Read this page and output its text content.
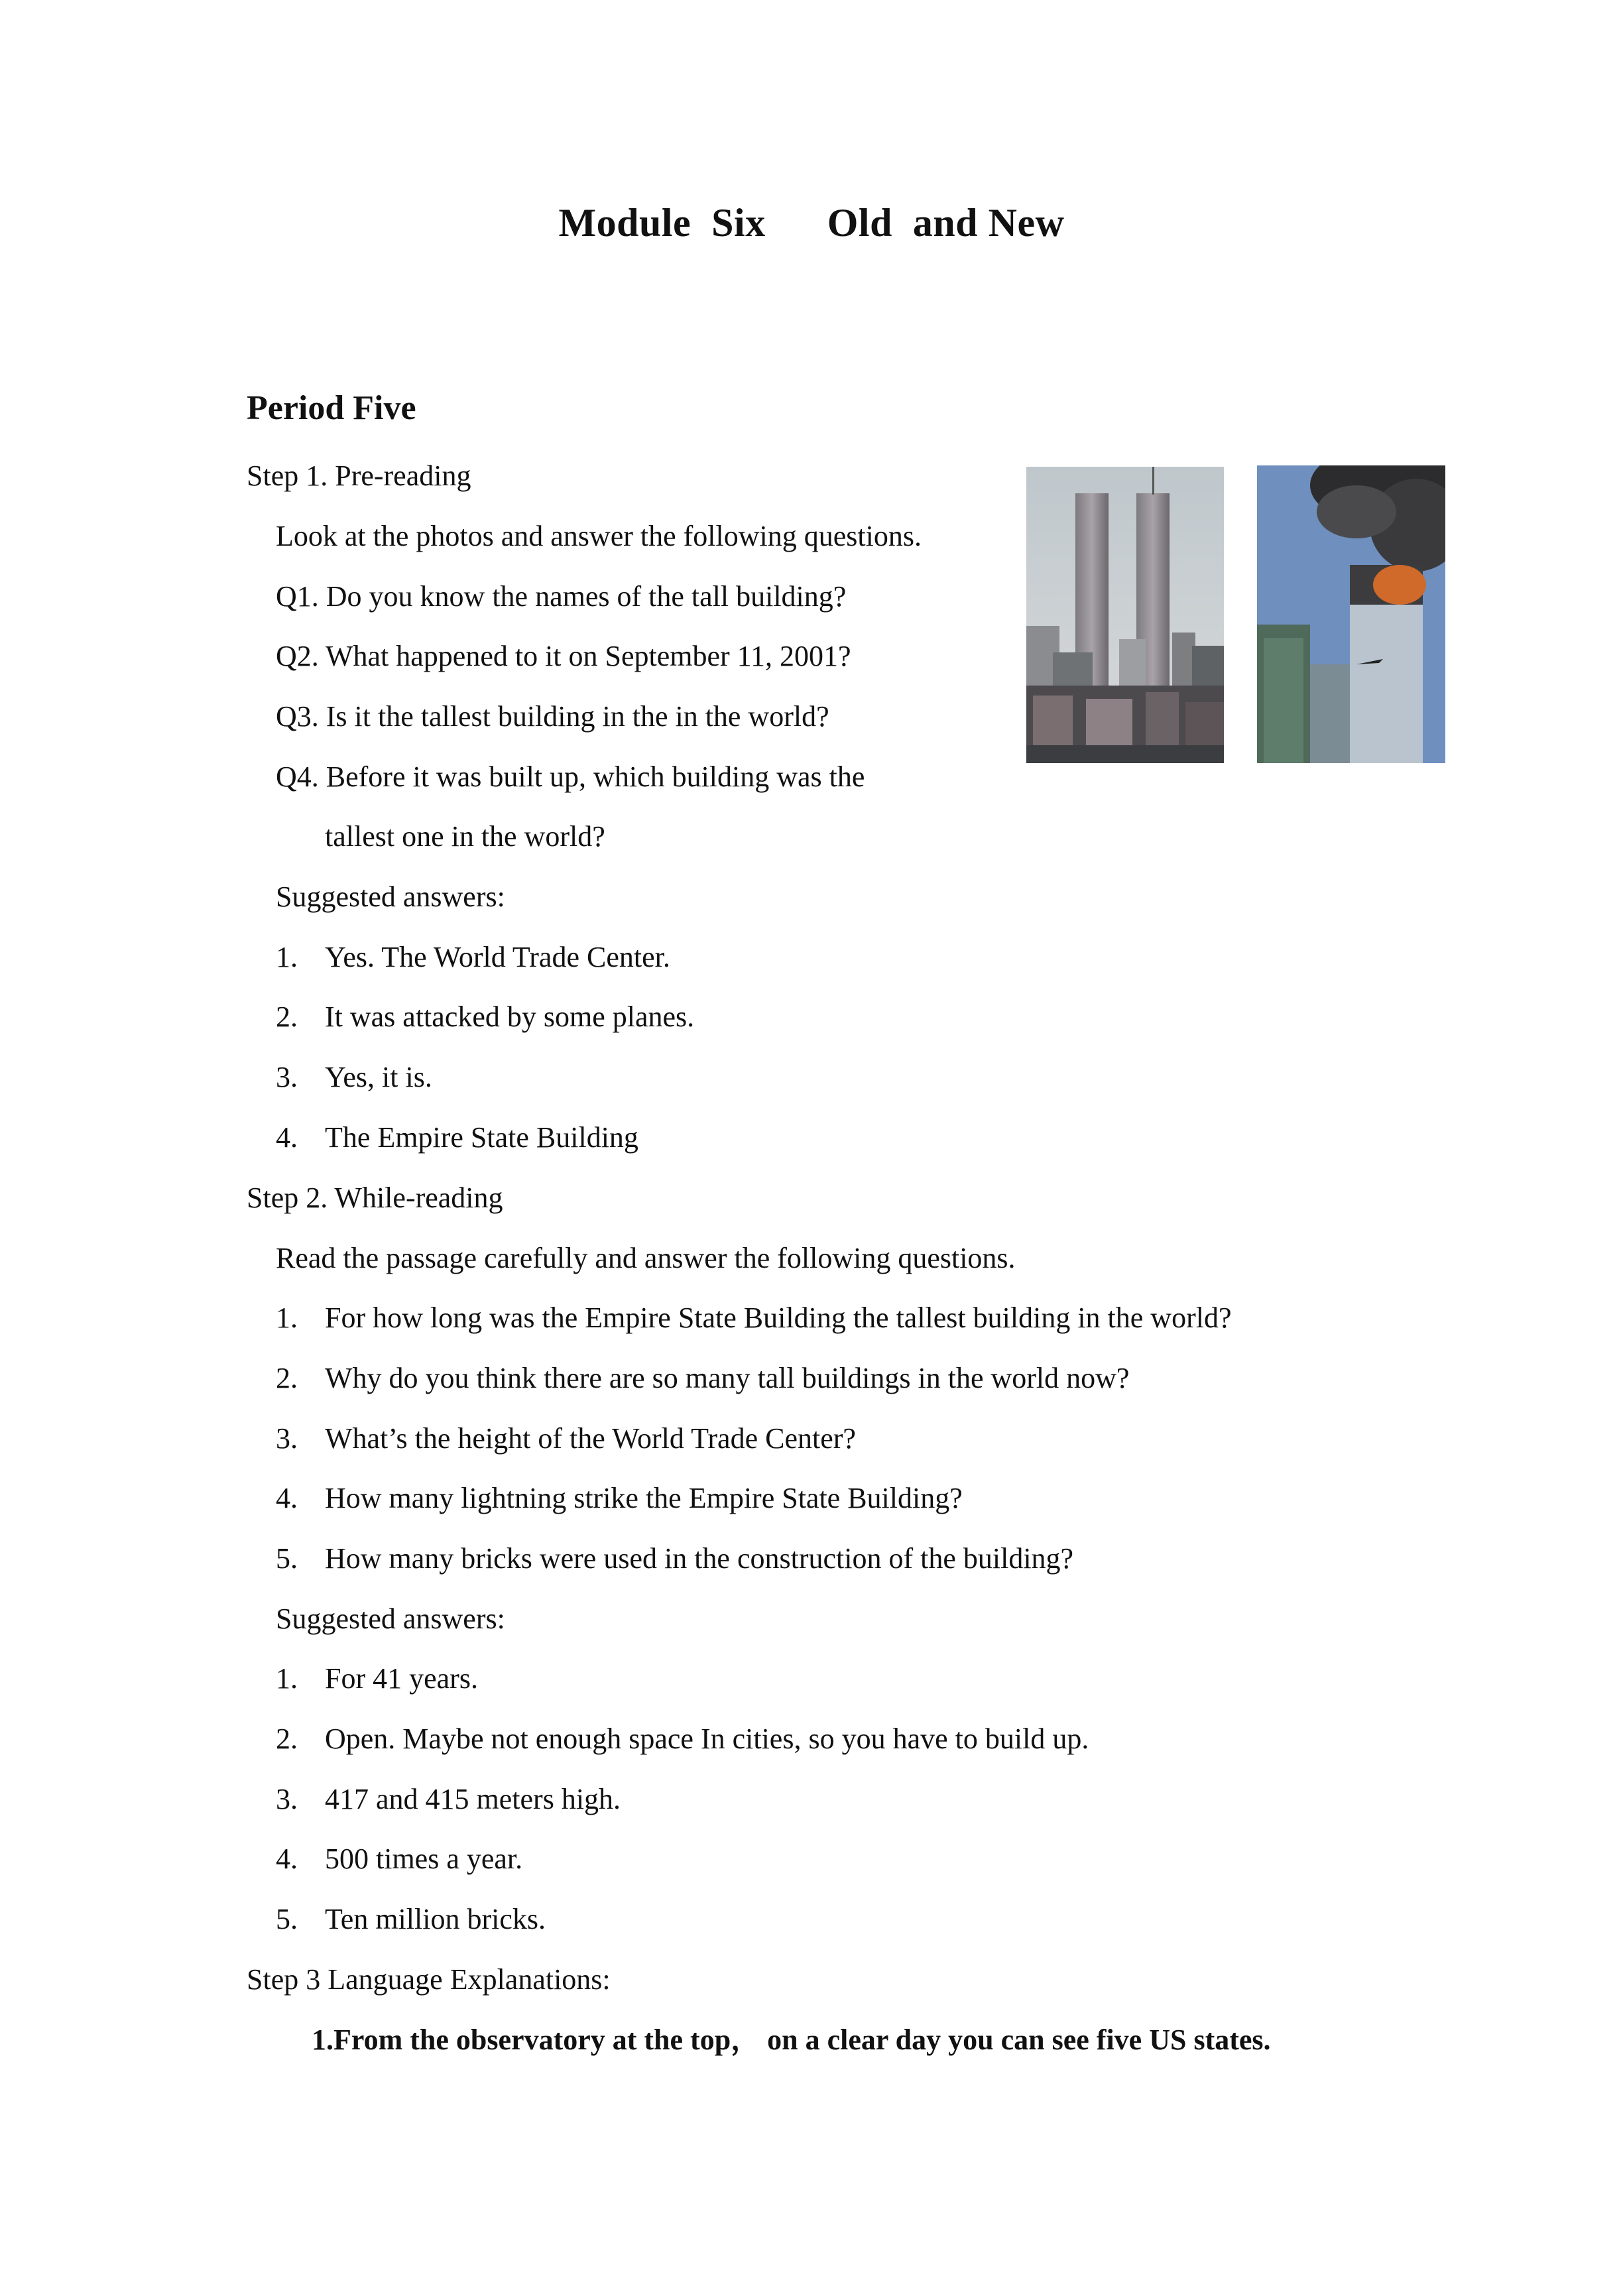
Module  Six      Old  and New
Period Five
Step 1. Pre-reading
Look at the photos and answer the following questions.
Q1. Do you know the names of the tall building?
Q2. What happened to it on September 11, 2001?
Q3. Is it the tallest building in the in the world?
Q4. Before it was built up, which building was the
tallest one in the world?
Suggested answers:
1. Yes. The World Trade Center.
2. It was attacked by some planes.
3. Yes, it is.
4. The Empire State Building
Step 2. While-reading
Read the passage carefully and answer the following questions.
1. For how long was the Empire State Building the tallest building in the world?
2. Why do you think there are so many tall buildings in the world now?
3. What’s the height of the World Trade Center?
4. How many lightning strike the Empire State Building?
5. How many bricks were used in the construction of the building?
Suggested answers:
1. For 41 years.
2. Open. Maybe not enough space In cities, so you have to build up.
3. 417 and 415 meters high.
4. 500 times a year.
5. Ten million bricks.
Step 3 Language Explanations:
1.From the observatory at the top， on a clear day you can see five US states.
